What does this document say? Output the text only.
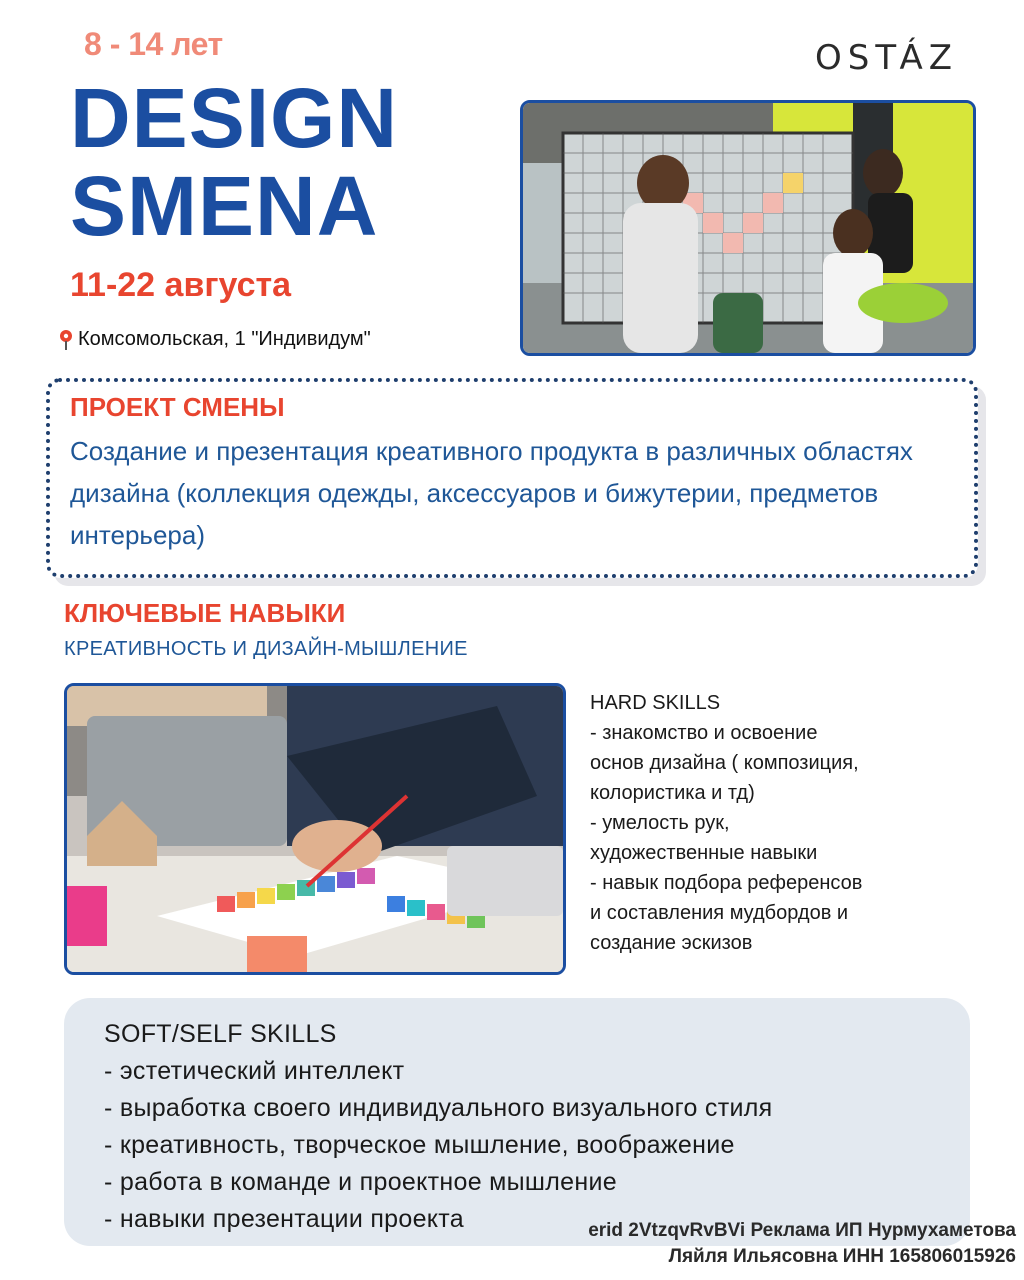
8 - 14 лет	OSTÁZ
DESIGN
SMENA
11-22 августа
Комсомольская, 1 "Индивидум"
ПРОЕКТ СМЕНЫ
Создание и презентация креативного продукта в различных областях дизайна (коллекция одежды, аксессуаров и бижутерии, предметов интерьера)
КЛЮЧЕВЫЕ НАВЫКИ
КРЕАТИВНОСТЬ И ДИЗАЙН-МЫШЛЕНИЕ
HARD SKILLS
- знакомство и освоение
основ дизайна ( композиция,
колористика и тд)
- умелость рук,
художественные навыки
- навык подбора референсов
и составления мудбордов и
создание эскизов
SOFT/SELF SKILLS
- эстетический интеллект
- выработка своего индивидуального визуального стиля
- креативность, творческое мышление, воображение
- работа в команде и проектное мышление
- навыки презентации проекта	erid 2VtzqvRvBVi Реклама ИП Нурмухаметова
Ляйля Ильясовна ИНН 165806015926
